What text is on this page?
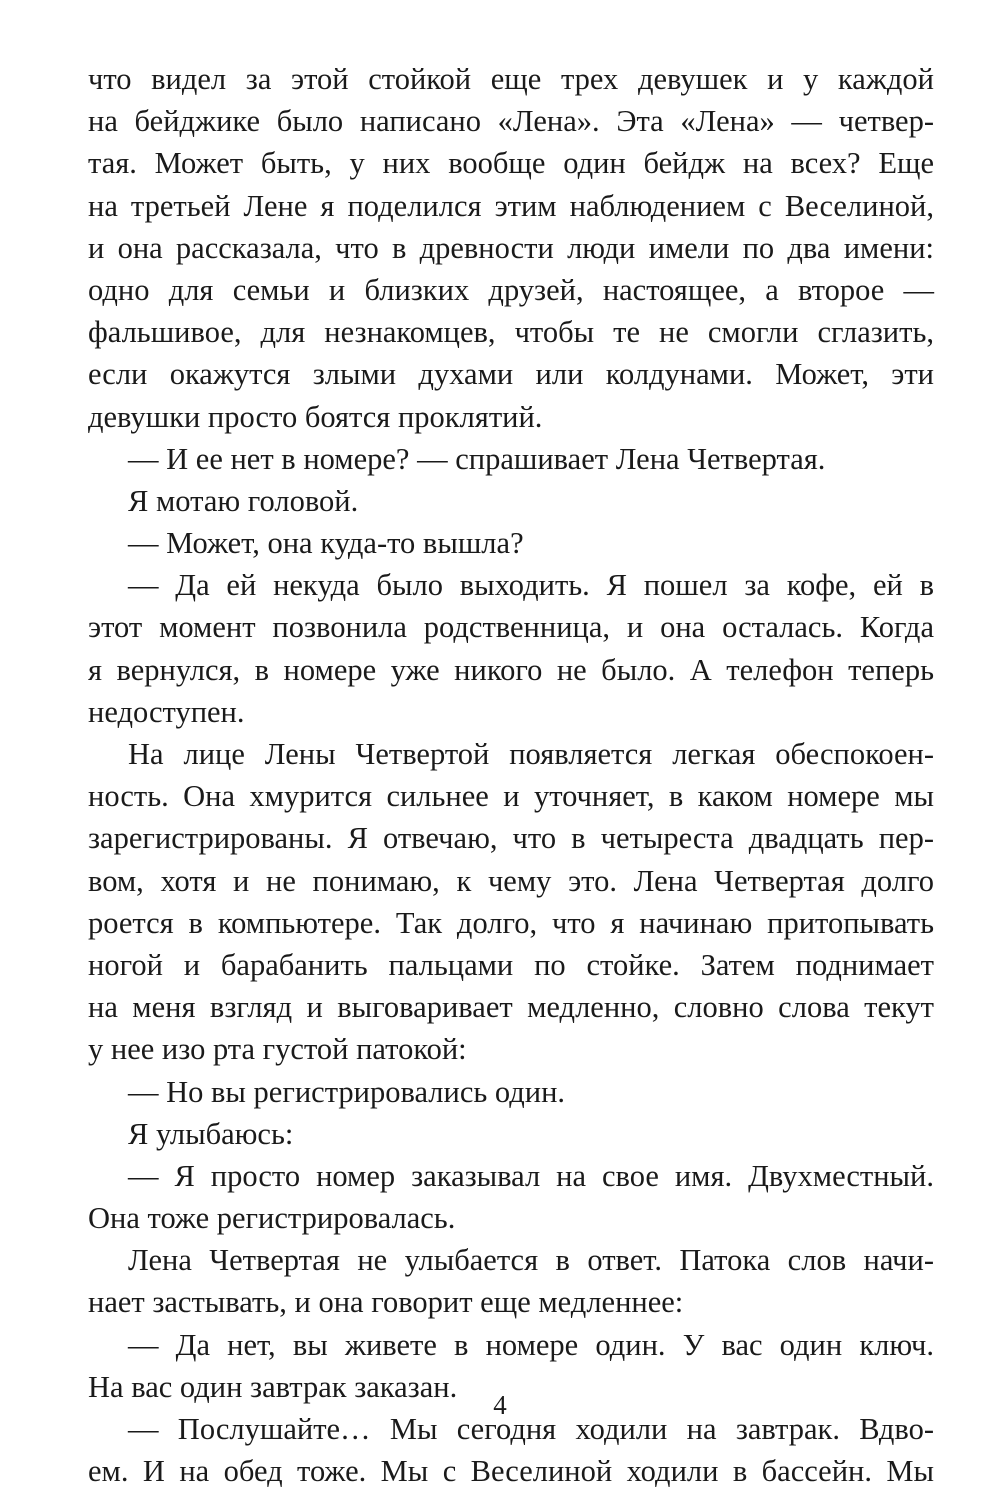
что видел за этой стойкой еще трех девушек и у каждой
на бейджике было написано «Лена». Эта «Лена» — четвер-
тая. Может быть, у них вообще один бейдж на всех? Еще
на третьей Лене я поделился этим наблюдением с Веселиной,
и она рассказала, что в древности люди имели по два имени:
одно для семьи и близких друзей, настоящее, а второе —
фальшивое, для незнакомцев, чтобы те не смогли сглазить,
если окажутся злыми духами или колдунами. Может, эти
девушки просто боятся проклятий.
— И ее нет в номере? — спрашивает Лена Четвертая.
Я мотаю головой.
— Может, она куда-то вышла?
— Да ей некуда было выходить. Я пошел за кофе, ей в
этот момент позвонила родственница, и она осталась. Когда
я вернулся, в номере уже никого не было. А телефон теперь
недоступен.
На лице Лены Четвертой появляется легкая обеспокоен-
ность. Она хмурится сильнее и уточняет, в каком номере мы
зарегистрированы. Я отвечаю, что в четыреста двадцать пер-
вом, хотя и не понимаю, к чему это. Лена Четвертая долго
роется в компьютере. Так долго, что я начинаю притопывать
ногой и барабанить пальцами по стойке. Затем поднимает
на меня взгляд и выговаривает медленно, словно слова текут
у нее изо рта густой патокой:
— Но вы регистрировались один.
Я улыбаюсь:
— Я просто номер заказывал на свое имя. Двухместный.
Она тоже регистрировалась.
Лена Четвертая не улыбается в ответ. Патока слов начи-
нает застывать, и она говорит еще медленнее:
— Да нет, вы живете в номере один. У вас один ключ.
На вас один завтрак заказан.
— Послушайте… Мы сегодня ходили на завтрак. Вдво-
ем. И на обед тоже. Мы с Веселиной ходили в бассейн. Мы
4
